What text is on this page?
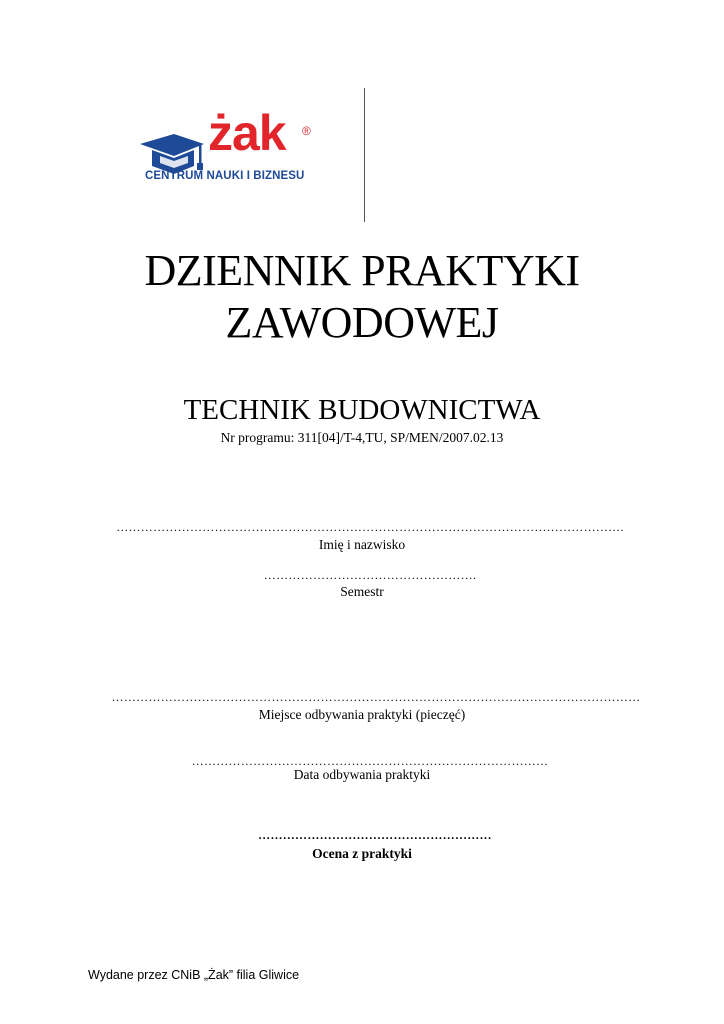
żak ®
CENTRUM NAUKI I BIZNESU
DZIENNIK PRAKTYKI
ZAWODOWEJ
TECHNIK BUDOWNICTWA
Nr programu: 311[04]/T-4,TU, SP/MEN/2007.02.13
…………………………………………………………………………………………………………….
Imię i nazwisko
…………………………………………….
Semestr
…………………………………………………………………………………………………………………
Miejsce odbywania praktyki (pieczęć)
……………………………………………………………………………
Data odbywania praktyki
…………………………………………………
Ocena z praktyki
Wydane przez CNiB „Żak” filia Gliwice
